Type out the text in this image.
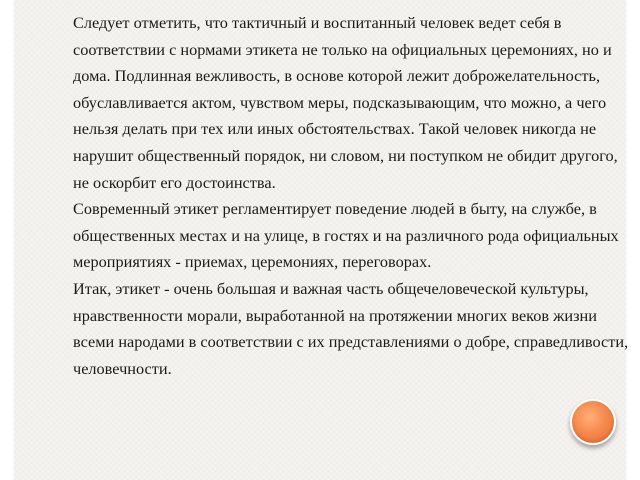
Следует отметить, что тактичный и воспитанный человек ведет себя в соответствии с нормами этикета не только на официальных церемониях, но и дома. Подлинная вежливость, в основе которой лежит доброжелательность, обуславливается актом, чувством меры, подсказывающим, что можно, а чего нельзя делать при тех или иных обстоятельствах. Такой человек никогда не нарушит общественный порядок, ни словом, ни поступком не обидит другого, не оскорбит его достоинства.

Современный этикет регламентирует поведение людей в быту, на службе, в общественных местах и на улице, в гостях и на различного рода официальных мероприятиях - приемах, церемониях, переговорах.

Итак, этикет - очень большая и важная часть общечеловеческой культуры, нравственности морали, выработанной на протяжении многих веков жизни всеми народами в соответствии с их представлениями о добре, справедливости, человечности.
